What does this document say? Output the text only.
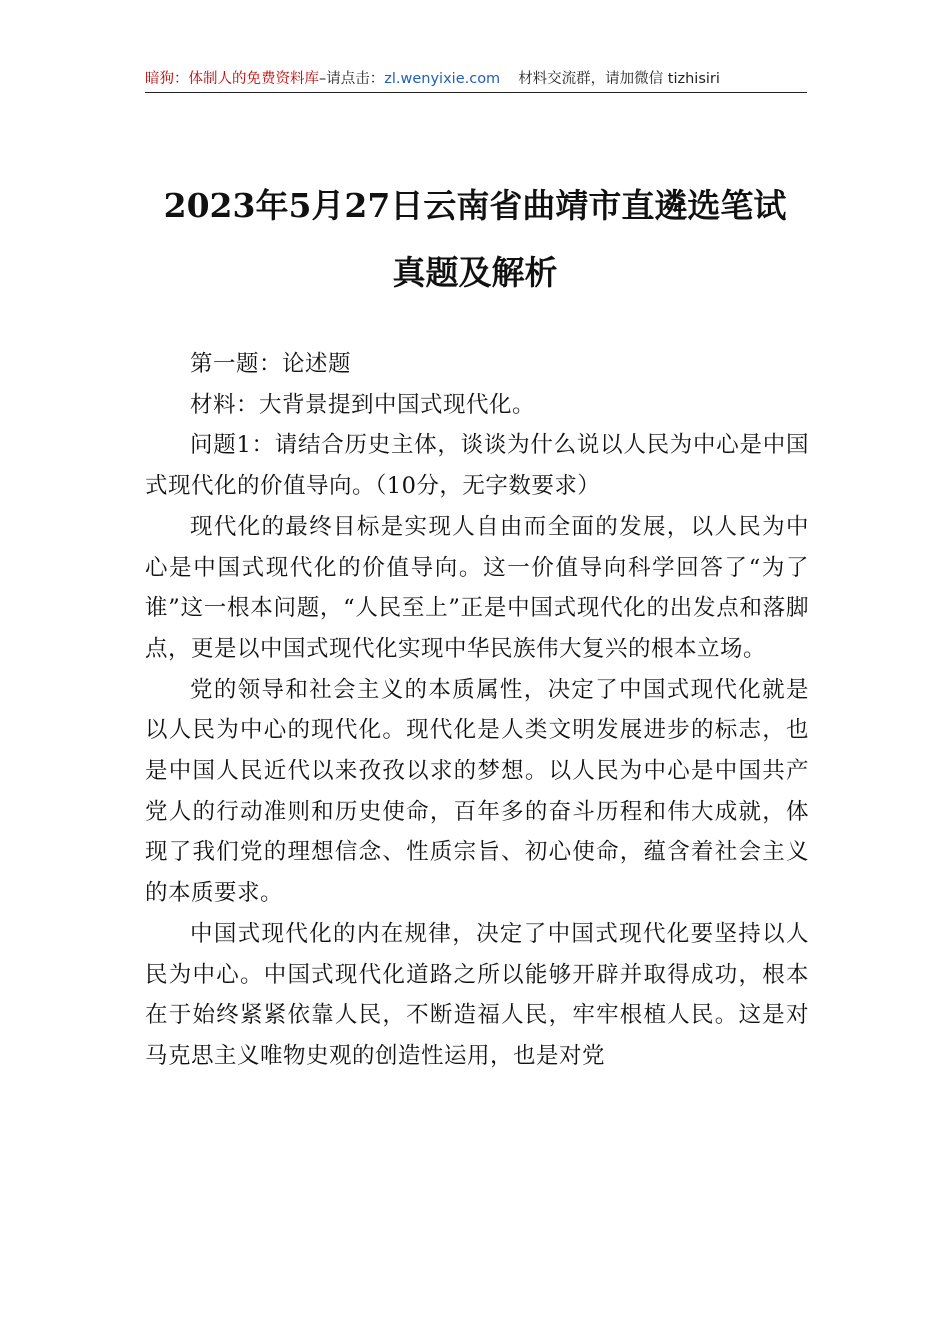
暗狗：体制人的免费资料库–请点击：zl.wenyixie.com 材料交流群，请加微信 tizhisiri
2023年5月27日云南省曲靖市直遴选笔试
真题及解析

第一题：论述题

材料：大背景提到中国式现代化。

问题1：请结合历史主体，谈谈为什么说以人民为中心是中国式现代化的价值导向。（10分，无字数要求）

现代化的最终目标是实现人自由而全面的发展，以人民为中心是中国式现代化的价值导向。这一价值导向科学回答了“为了谁”这一根本问题，“人民至上”正是中国式现代化的出发点和落脚点，更是以中国式现代化实现中华民族伟大复兴的根本立场。

党的领导和社会主义的本质属性，决定了中国式现代化就是以人民为中心的现代化。现代化是人类文明发展进步的标志，也是中国人民近代以来孜孜以求的梦想。以人民为中心是中国共产党人的行动准则和历史使命，百年多的奋斗历程和伟大成就，体现了我们党的理想信念、性质宗旨、初心使命，蕴含着社会主义的本质要求。

中国式现代化的内在规律，决定了中国式现代化要坚持以人民为中心。中国式现代化道路之所以能够开辟并取得成功，根本在于始终紧紧依靠人民，不断造福人民，牢牢根植人民。这是对马克思主义唯物史观的创造性运用，也是对党
